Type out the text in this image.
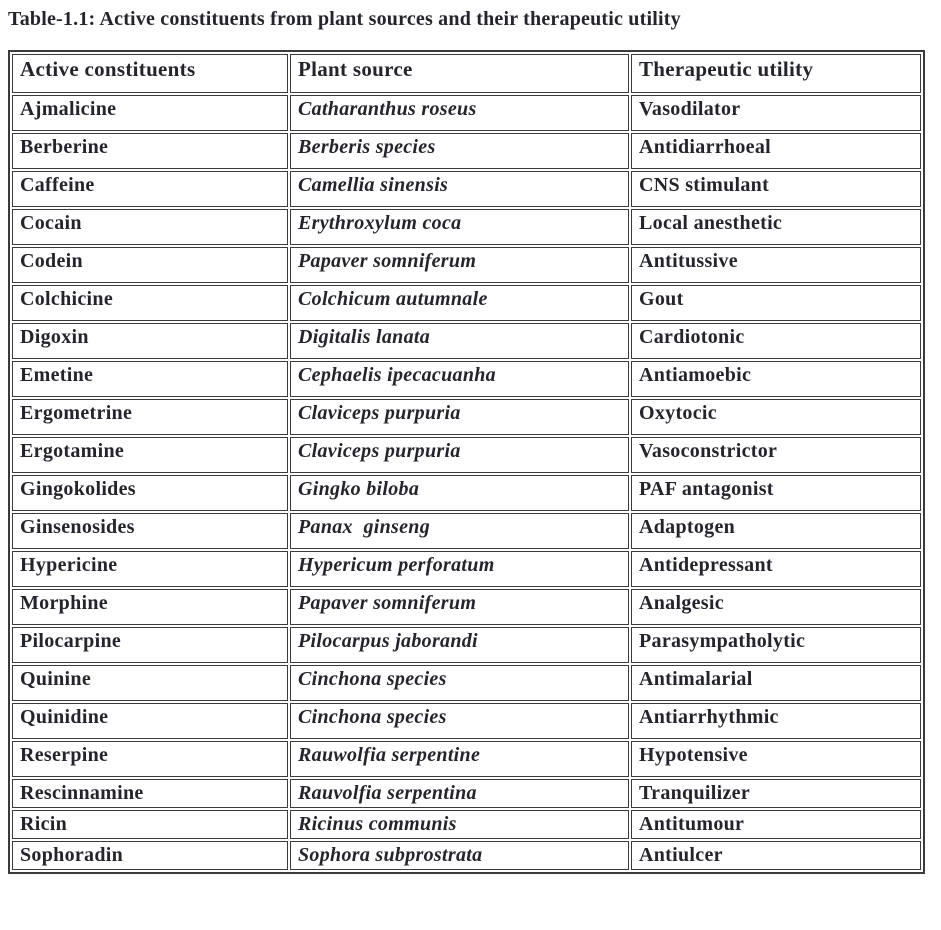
Table-1.1: Active constituents from plant sources and their therapeutic utility
Active constituents	Plant source	Therapeutic utility
Ajmalicine	Catharanthus roseus	Vasodilator
Berberine	Berberis species	Antidiarrhoeal
Caffeine	Camellia sinensis	CNS stimulant
Cocain	Erythroxylum coca	Local anesthetic
Codein	Papaver somniferum	Antitussive
Colchicine	Colchicum autumnale	Gout
Digoxin	Digitalis lanata	Cardiotonic
Emetine	Cephaelis ipecacuanha	Antiamoebic
Ergometrine	Claviceps purpuria	Oxytocic
Ergotamine	Claviceps purpuria	Vasoconstrictor
Gingokolides	Gingko biloba	PAF antagonist
Ginsenosides	Panax  ginseng	Adaptogen
Hypericine	Hypericum perforatum	Antidepressant
Morphine	Papaver somniferum	Analgesic
Pilocarpine	Pilocarpus jaborandi	Parasympatholytic
Quinine	Cinchona species	Antimalarial
Quinidine	Cinchona species	Antiarrhythmic
Reserpine	Rauwolfia serpentine	Hypotensive
Rescinnamine	Rauvolfia serpentina	Tranquilizer
Ricin	Ricinus communis	Antitumour
Sophoradin	Sophora subprostrata	Antiulcer
